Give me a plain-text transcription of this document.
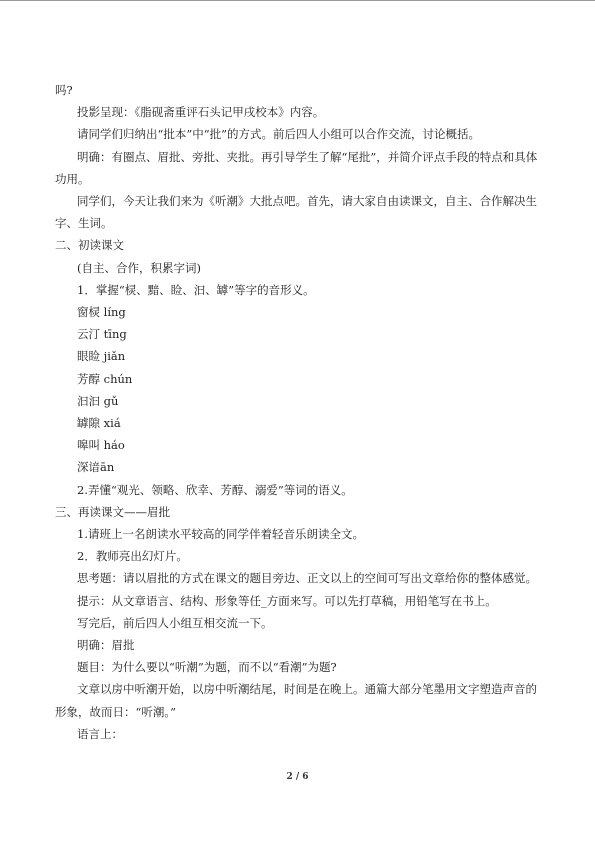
吗?

投影呈现：《脂砚斋重评石头记甲戌校本》内容。

请同学们归纳出“批本”中“批”的方式。前后四人小组可以合作交流，讨论概括。

明确：有圈点、眉批、旁批、夹批。再引导学生了解“尾批”，并简介评点手段的特点和具体功用。

同学们，今天让我们来为《听潮》大批点吧。首先，请大家自由读课文，自主、合作解决生字、生词。

二、初读课文

(自主、合作，积累字词)

1．掌握“棂、黯、睑、汩、罅”等字的音形义。

窗棂 líng

云汀 tīng

眼睑 jiǎn

芳醇 chún

汩汩 gǔ

罅隙 xiá

嗥叫 háo

深谙ān

2.弄懂“观光、领略、欣幸、芳醇、溺爱”等词的语义。

三、再读课文——眉批

1.请班上一名朗读水平较高的同学伴着轻音乐朗读全文。

2．教师亮出幻灯片。

思考题：请以眉批的方式在课文的题目旁边、正文以上的空间可写出文章给你的整体感觉。

提示：从文章语言、结构、形象等任_方面来写。可以先打草稿，用铅笔写在书上。

写完后，前后四人小组互相交流一下。

明确：眉批

题目：为什么要以“听潮”为题，而不以“看潮”为题?

文章以房中听潮开始，以房中听潮结尾，时间是在晚上。通篇大部分笔墨用文字塑造声音的形象，故而日：“听潮。”

语言上：

2 / 6
